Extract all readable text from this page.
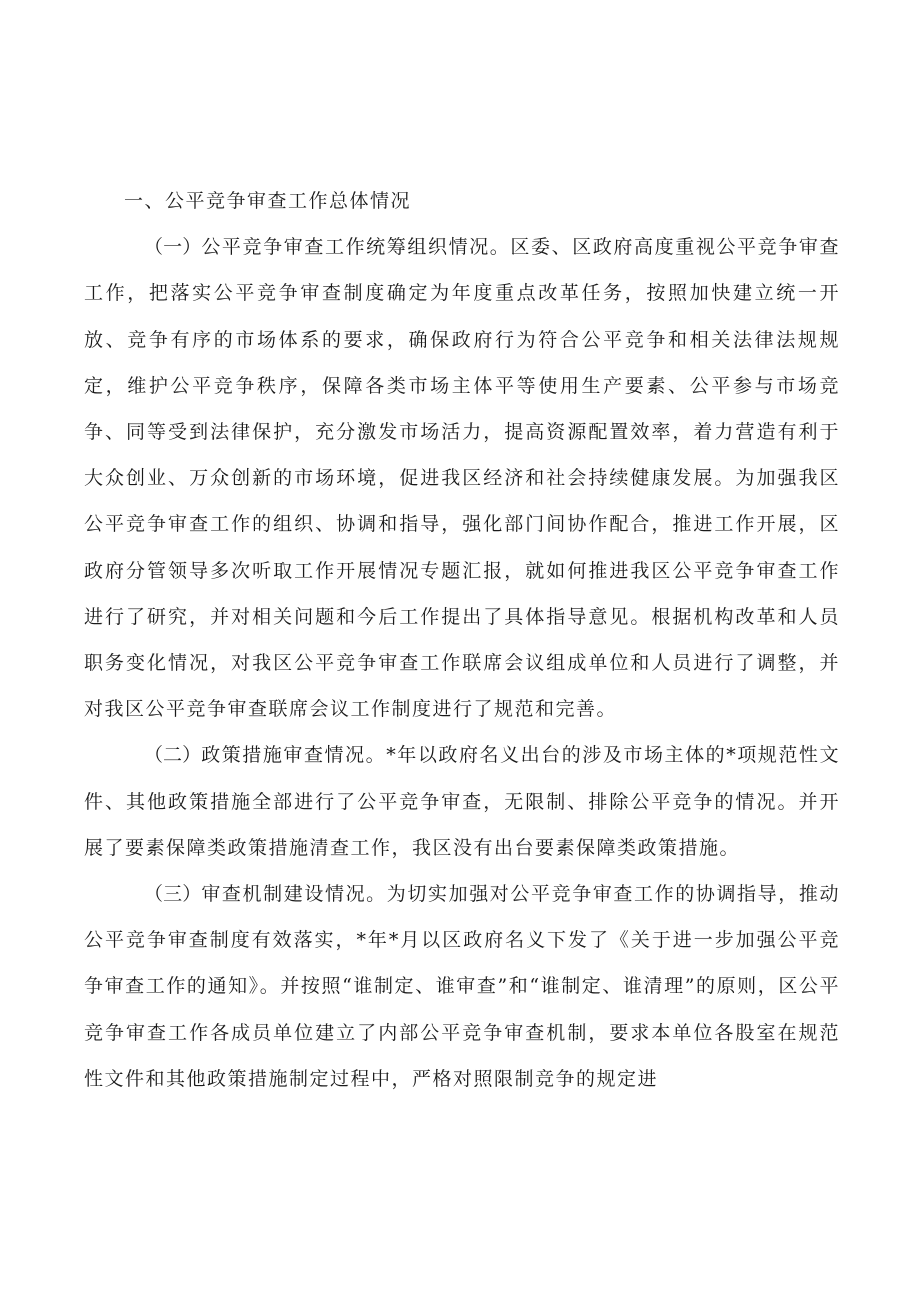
一、公平竞争审查工作总体情况

（一）公平竞争审查工作统筹组织情况。区委、区政府高度重视公平竞争审查工作，把落实公平竞争审查制度确定为年度重点改革任务，按照加快建立统一开放、竞争有序的市场体系的要求，确保政府行为符合公平竞争和相关法律法规规定，维护公平竞争秩序，保障各类市场主体平等使用生产要素、公平参与市场竞争、同等受到法律保护，充分激发市场活力，提高资源配置效率，着力营造有利于大众创业、万众创新的市场环境，促进我区经济和社会持续健康发展。为加强我区公平竞争审查工作的组织、协调和指导，强化部门间协作配合，推进工作开展，区政府分管领导多次听取工作开展情况专题汇报，就如何推进我区公平竞争审查工作进行了研究，并对相关问题和今后工作提出了具体指导意见。根据机构改革和人员职务变化情况，对我区公平竞争审查工作联席会议组成单位和人员进行了调整，并对我区公平竞争审查联席会议工作制度进行了规范和完善。

（二）政策措施审查情况。*年以政府名义出台的涉及市场主体的*项规范性文件、其他政策措施全部进行了公平竞争审查，无限制、排除公平竞争的情况。并开展了要素保障类政策措施清查工作，我区没有出台要素保障类政策措施。

（三）审查机制建设情况。为切实加强对公平竞争审查工作的协调指导，推动公平竞争审查制度有效落实，*年*月以区政府名义下发了《关于进一步加强公平竞争审查工作的通知》。并按照“谁制定、谁审查”和“谁制定、谁清理”的原则，区公平竞争审查工作各成员单位建立了内部公平竞争审查机制，要求本单位各股室在规范性文件和其他政策措施制定过程中，严格对照限制竞争的规定进
